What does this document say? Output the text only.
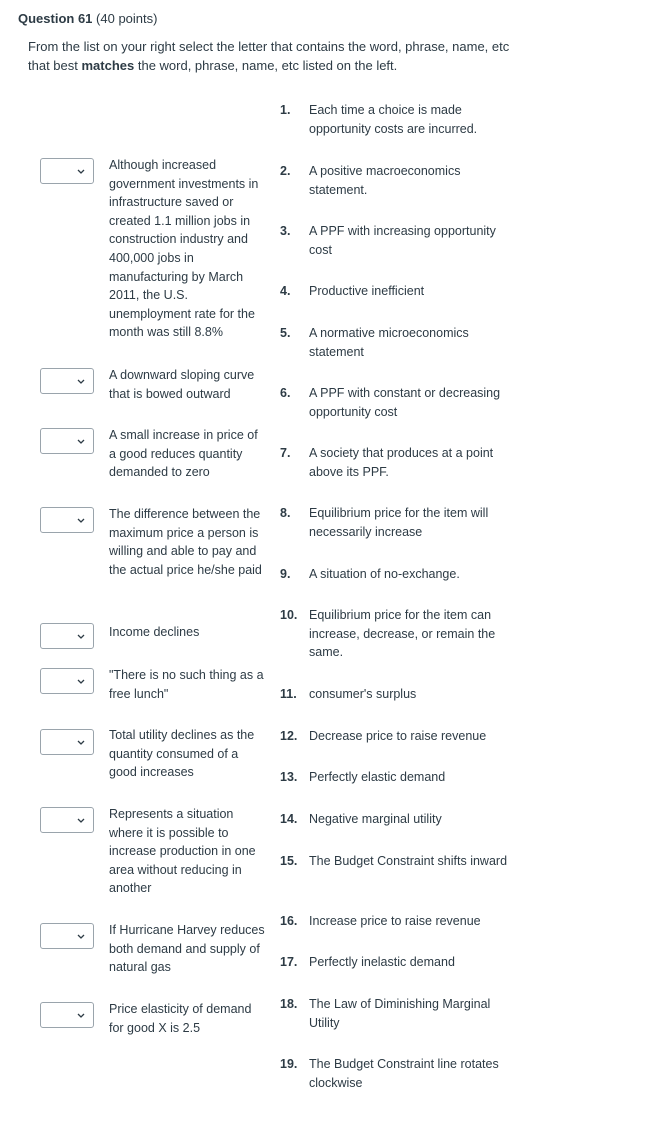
Question 61 (40 points)
From the list on your right select the letter that contains the word, phrase, name, etc that best matches the word, phrase, name, etc listed on the left.
Although increased government investments in infrastructure saved or created 1.1 million jobs in construction industry and 400,000 jobs in manufacturing by March 2011, the U.S. unemployment rate for the month was still 8.8%
A downward sloping curve that is bowed outward
A small increase in price of a good reduces quantity demanded to zero
The difference between the maximum price a person is willing and able to pay and the actual price he/she paid
Income declines
"There is no such thing as a free lunch"
Total utility declines as the quantity consumed of a good increases
Represents a situation where it is possible to increase production in one area without reducing in another
If Hurricane Harvey reduces both demand and supply of natural gas
Price elasticity of demand for good X is 2.5
1.	Each time a choice is made opportunity costs are incurred.
2.	A positive macroeconomics statement.
3.	A PPF with increasing opportunity cost
4.	Productive inefficient
5.	A normative microeconomics statement
6.	A PPF with constant or decreasing opportunity cost
7.	A society that produces at a point above its PPF.
8.	Equilibrium price for the item will necessarily increase
9.	A situation of no-exchange.
10. Equilibrium price for the item can increase, decrease, or remain the same.
11. consumer's surplus
12. Decrease price to raise revenue
13. Perfectly elastic demand
14. Negative marginal utility
15. The Budget Constraint shifts inward
16. Increase price to raise revenue
17. Perfectly inelastic demand
18. The Law of Diminishing Marginal Utility
19. The Budget Constraint line rotates clockwise
